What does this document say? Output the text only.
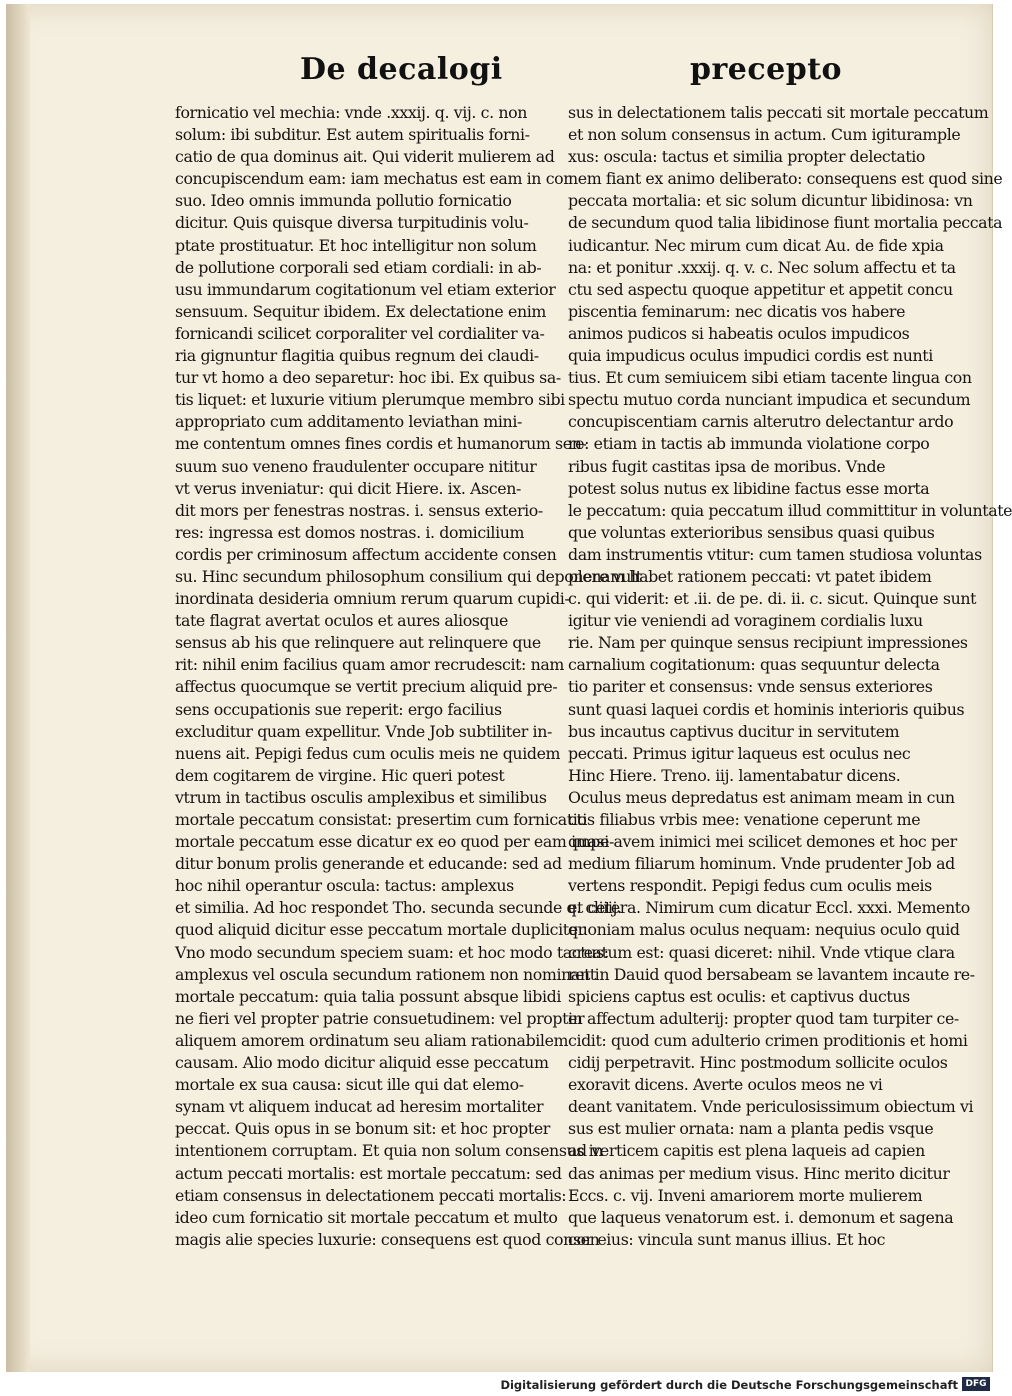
De decalogi	precepto
fornicatio vel mechia: vnde .xxxij. q. vij. c. non
solum: ibi subditur. Est autem spiritualis forni-
catio de qua dominus ait. Qui viderit mulierem ad
concupiscendum eam: iam mechatus est eam in cor
suo. Ideo omnis immunda pollutio fornicatio
dicitur. Quis quisque diversa turpitudinis volu-
ptate prostituatur. Et hoc intelligitur non solum
de pollutione corporali sed etiam cordiali: in ab-
usu immundarum cogitationum vel etiam exterior
sensuum. Sequitur ibidem. Ex delectatione enim
fornicandi scilicet corporaliter vel cordialiter va-
ria gignuntur flagitia quibus regnum dei claudi-
tur vt homo a deo separetur: hoc ibi. Ex quibus sa-
tis liquet: et luxurie vitium plerumque membro sibi
appropriato cum additamento leviathan mini-
me contentum omnes fines cordis et humanorum sen-
suum suo veneno fraudulenter occupare nititur
vt verus inveniatur: qui dicit Hiere. ix. Ascen-
dit mors per fenestras nostras. i. sensus exterio-
res: ingressa est domos nostras. i. domicilium
cordis per criminosum affectum accidente consen
su. Hinc secundum philosophum consilium qui deponere vult
inordinata desideria omnium rerum quarum cupidi-
tate flagrat avertat oculos et aures aliosque
sensus ab his que relinquere aut relinquere que
rit: nihil enim facilius quam amor recrudescit: nam
affectus quocumque se vertit precium aliquid pre-
sens occupationis sue reperit: ergo facilius
excluditur quam expellitur. Vnde Job subtiliter in-
nuens ait. Pepigi fedus cum oculis meis ne quidem
dem cogitarem de virgine. Hic queri potest
vtrum in tactibus osculis amplexibus et similibus
mortale peccatum consistat: presertim cum fornicatio
mortale peccatum esse dicatur ex eo quod per eam impe-
ditur bonum prolis generande et educande: sed ad
hoc nihil operantur oscula: tactus: amplexus
et similia. Ad hoc respondet Tho. secunda secunde q. cliiij.
quod aliquid dicitur esse peccatum mortale dupliciter
Vno modo secundum speciem suam: et hoc modo tactus:
amplexus vel oscula secundum rationem non nominant
mortale peccatum: quia talia possunt absque libidi
ne fieri vel propter patrie consuetudinem: vel propter
aliquem amorem ordinatum seu aliam rationabilem
causam. Alio modo dicitur aliquid esse peccatum
mortale ex sua causa: sicut ille qui dat elemo-
synam vt aliquem inducat ad heresim mortaliter
peccat. Quis opus in se bonum sit: et hoc propter
intentionem corruptam. Et quia non solum consensus in
actum peccati mortalis: est mortale peccatum: sed
etiam consensus in delectationem peccati mortalis:
ideo cum fornicatio sit mortale peccatum et multo
magis alie species luxurie: consequens est quod consen
sus in delectationem talis peccati sit mortale peccatum
et non solum consensus in actum. Cum igiturample
xus: oscula: tactus et similia propter delectatio
nem fiant ex animo deliberato: consequens est quod sine
peccata mortalia: et sic solum dicuntur libidinosa: vn
de secundum quod talia libidinose fiunt mortalia peccata
iudicantur. Nec mirum cum dicat Au. de fide xpia
na: et ponitur .xxxij. q. v. c. Nec solum affectu et ta
ctu sed aspectu quoque appetitur et appetit concu
piscentia feminarum: nec dicatis vos habere
animos pudicos si habeatis oculos impudicos
quia impudicus oculus impudici cordis est nunti
tius. Et cum semiuicem sibi etiam tacente lingua con
spectu mutuo corda nunciant impudica et secundum
concupiscentiam carnis alterutro delectantur ardo
re: etiam in tactis ab immunda violatione corpo
ribus fugit castitas ipsa de moribus. Vnde
potest solus nutus ex libidine factus esse morta
le peccatum: quia peccatum illud committitur in voluntate
que voluntas exterioribus sensibus quasi quibus
dam instrumentis vtitur: cum tamen studiosa voluntas
plenam habet rationem peccati: vt patet ibidem
c. qui viderit: et .ii. de pe. di. ii. c. sicut. Quinque sunt
igitur vie veniendi ad voraginem cordialis luxu
rie. Nam per quinque sensus recipiunt impressiones
carnalium cogitationum: quas sequuntur delecta
tio pariter et consensus: vnde sensus exteriores
sunt quasi laquei cordis et hominis interioris quibus
bus incautus captivus ducitur in servitutem
peccati. Primus igitur laqueus est oculus nec
Hinc Hiere. Treno. iij. lamentabatur dicens.
Oculus meus depredatus est animam meam in cun
ctis filiabus vrbis mee: venatione ceperunt me
quasi avem inimici mei scilicet demones et hoc per
medium filiarum hominum. Vnde prudenter Job ad
vertens respondit. Pepigi fedus cum oculis meis
et cetera. Nimirum cum dicatur Eccl. xxxi. Memento
quoniam malus oculus nequam: nequius oculo quid
creatum est: quasi diceret: nihil. Vnde vtique clara
ret in Dauid quod bersabeam se lavantem incaute re-
spiciens captus est oculis: et captivus ductus
in affectum adulterij: propter quod tam turpiter ce-
cidit: quod cum adulterio crimen proditionis et homi
cidij perpetravit. Hinc postmodum sollicite oculos
exoravit dicens. Averte oculos meos ne vi
deant vanitatem. Vnde periculosissimum obiectum vi
sus est mulier ornata: nam a planta pedis vsque
ad verticem capitis est plena laqueis ad capien
das animas per medium visus. Hinc merito dicitur
Eccs. c. vij. Inveni amariorem morte mulierem
que laqueus venatorum est. i. demonum et sagena
cor eius: vincula sunt manus illius. Et hoc
Digitalisierung gefördert durch die Deutsche Forschungsgemeinschaft DFG
